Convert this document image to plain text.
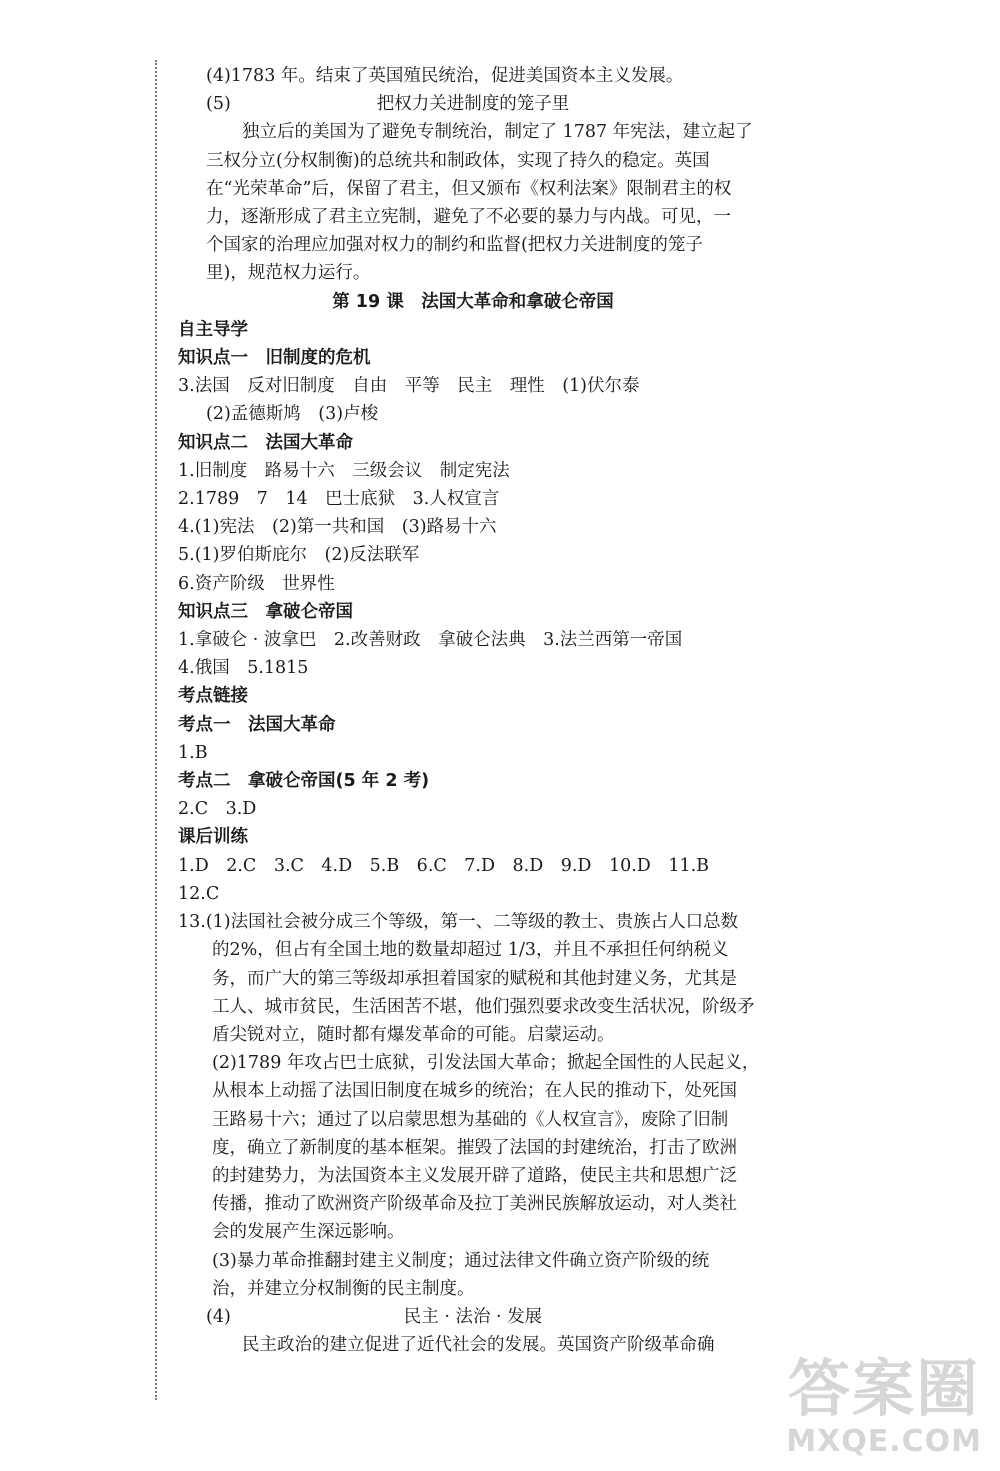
(4)1783 年。结束了英国殖民统治，促进美国资本主义发展。
(5)	把权力关进制度的笼子里
独立后的美国为了避免专制统治，制定了 1787 年宪法，建立起了
三权分立(分权制衡)的总统共和制政体，实现了持久的稳定。英国
在“光荣革命”后，保留了君主，但又颁布《权利法案》限制君主的权
力，逐渐形成了君主立宪制，避免了不必要的暴力与内战。可见，一
个国家的治理应加强对权力的制约和监督(把权力关进制度的笼子
里)，规范权力运行。
第 19 课　法国大革命和拿破仑帝国
自主导学
知识点一　旧制度的危机
3.法国　反对旧制度　自由　平等　民主　理性　(1)伏尔泰
(2)孟德斯鸠　(3)卢梭
知识点二　法国大革命
1.旧制度　路易十六　三级会议　制定宪法
2.1789　7　14　巴士底狱　3.人权宣言
4.(1)宪法　(2)第一共和国　(3)路易十六
5.(1)罗伯斯庇尔　(2)反法联军
6.资产阶级　世界性
知识点三　拿破仑帝国
1.拿破仑 · 波拿巴　2.改善财政　拿破仑法典　3.法兰西第一帝国
4.俄国　5.1815
考点链接
考点一　法国大革命
1.B
考点二　拿破仑帝国(5 年 2 考)
2.C　3.D
课后训练
1.D　2.C　3.C　4.D　5.B　6.C　7.D　8.D　9.D　10.D　11.B
12.C
13.(1)法国社会被分成三个等级，第一、二等级的教士、贵族占人口总数
的2%，但占有全国土地的数量却超过 1/3，并且不承担任何纳税义
务，而广大的第三等级却承担着国家的赋税和其他封建义务，尤其是
工人、城市贫民，生活困苦不堪，他们强烈要求改变生活状况，阶级矛
盾尖锐对立，随时都有爆发革命的可能。启蒙运动。
(2)1789 年攻占巴士底狱，引发法国大革命；掀起全国性的人民起义，
从根本上动摇了法国旧制度在城乡的统治；在人民的推动下，处死国
王路易十六；通过了以启蒙思想为基础的《人权宣言》，废除了旧制
度，确立了新制度的基本框架。摧毁了法国的封建统治，打击了欧洲
的封建势力，为法国资本主义发展开辟了道路，使民主共和思想广泛
传播，推动了欧洲资产阶级革命及拉丁美洲民族解放运动，对人类社
会的发展产生深远影响。
(3)暴力革命推翻封建主义制度；通过法律文件确立资产阶级的统
治，并建立分权制衡的民主制度。
(4)	民主 · 法治 · 发展
民主政治的建立促进了近代社会的发展。英国资产阶级革命确
答案圈
MXQE.COM
